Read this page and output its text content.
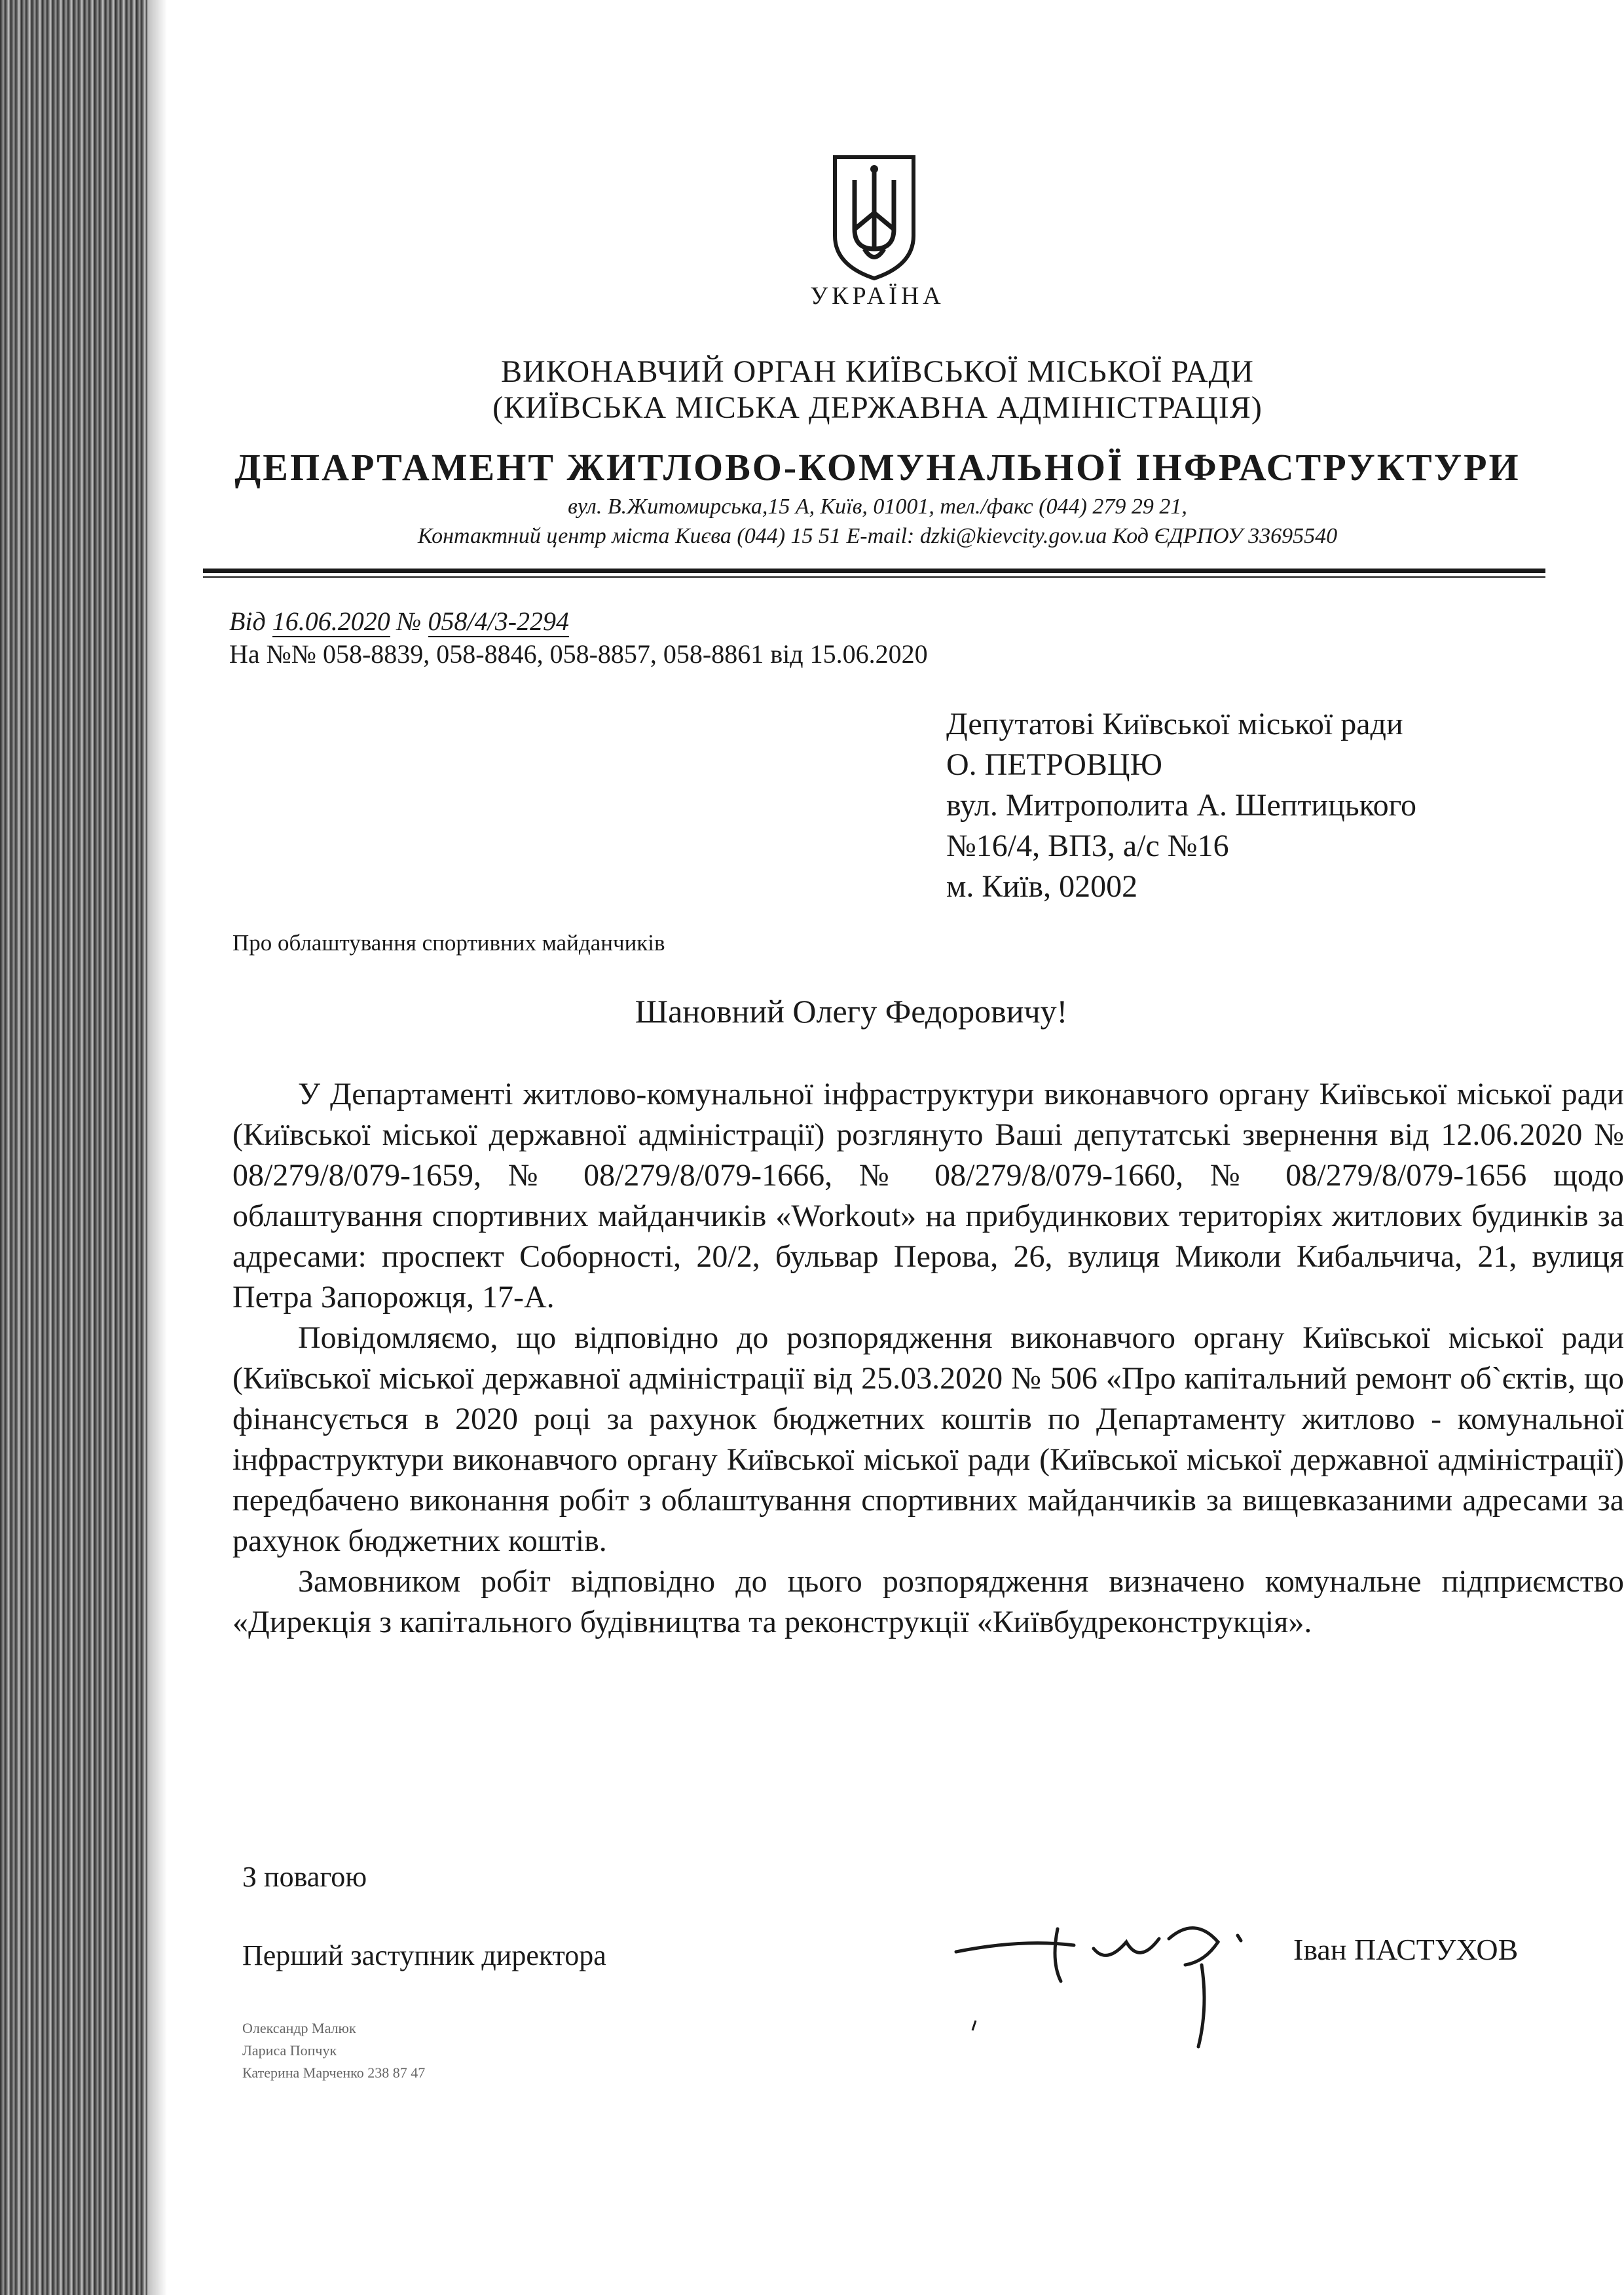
УКРАЇНА
ВИКОНАВЧИЙ ОРГАН КИЇВСЬКОЇ МІСЬКОЇ РАДИ
(КИЇВСЬКА МІСЬКА ДЕРЖАВНА АДМІНІСТРАЦІЯ)
ДЕПАРТАМЕНТ ЖИТЛОВО-КОМУНАЛЬНОЇ ІНФРАСТРУКТУРИ
вул. В.Житомирська,15 А, Київ, 01001, тел./факс (044) 279 29 21,
Контактний центр міста Києва (044) 15 51 E-mail: dzki@kievcity.gov.ua Код ЄДРПОУ 33695540
Від 16.06.2020 № 058/4/3-2294
На №№ 058-8839, 058-8846, 058-8857, 058-8861 від 15.06.2020
Депутатові Київської міської ради
О. ПЕТРОВЦЮ
вул. Митрополита А. Шептицького
№16/4, ВПЗ, а/с №16
м. Київ, 02002
Про облаштування спортивних майданчиків
Шановний Олегу Федоровичу!

У Департаменті житлово-комунальної інфраструктури виконавчого органу Київської міської ради (Київської міської державної адміністрації) розглянуто Ваші депутатські звернення від 12.06.2020 № 08/279/8/079-1659, № 08/279/8/079-1666, № 08/279/8/079-1660, № 08/279/8/079-1656 щодо облаштування спортивних майданчиків «Workout» на прибудинкових територіях житлових будинків за адресами: проспект Соборності, 20/2, бульвар Перова, 26, вулиця Миколи Кибальчича, 21, вулиця Петра Запорожця, 17-А.

Повідомляємо, що відповідно до розпорядження виконавчого органу Київської міської ради (Київської міської державної адміністрації від 25.03.2020 № 506 «Про капітальний ремонт об`єктів, що фінансується в 2020 році за рахунок бюджетних коштів по Департаменту житлово - комунальної інфраструктури виконавчого органу Київської міської ради (Київської міської державної адміністрації) передбачено виконання робіт з облаштування спортивних майданчиків за вищевказаними адресами за рахунок бюджетних коштів.

Замовником робіт відповідно до цього розпорядження визначено комунальне підприємство «Дирекція з капітального будівництва та реконструкції «Київбудреконструкція».

З повагою
Перший заступник директора	Іван ПАСТУХОВ
Олександр Малюк
Лариса Попчук
Катерина Марченко 238 87 47
